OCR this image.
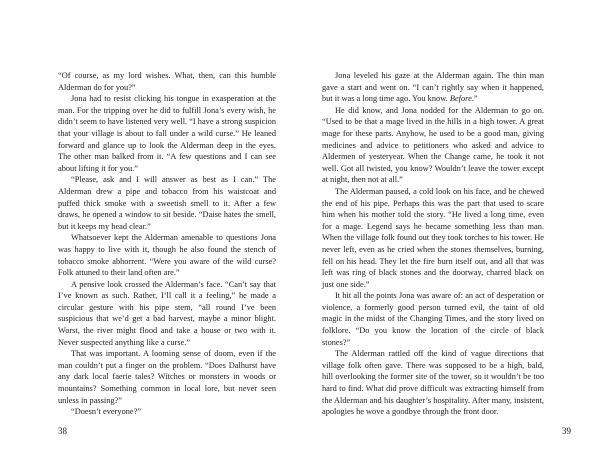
“Of course, as my lord wishes. What, then, can this humble Alderman do for you?”

Jona had to resist clicking his tongue in exasperation at the man. For the tripping over he did to fulfill Jona’s every wish, he didn’t seem to have listened very well. “I have a strong suspicion that your village is about to fall under a wild curse.” He leaned forward and glance up to look the Alderman deep in the eyes. The other man balked from it. “A few questions and I can see about lifting it for you.”

“Please, ask and I will answer as best as I can.” The Alderman drew a pipe and tobacco from his waistcoat and puffed thick smoke with a sweetish smell to it. After a few draws, he opened a window to sit beside. “Daise hates the smell, but it keeps my head clear.”

Whatsoever kept the Alderman amenable to questions Jona was happy to live with it, though he also found the stench of tobacco smoke abhorrent. “Were you aware of the wild curse? Folk attuned to their land often are.”

A pensive look crossed the Alderman’s face. “Can’t say that I’ve known as such. Rather, I’ll call it a feeling,” he made a circular gesture with his pipe stem, “all round I’ve been suspicious that we’d get a bad harvest, maybe a minor blight. Worst, the river might flood and take a house or two with it. Never suspected anything like a curse.”

That was important. A looming sense of doom, even if the man couldn’t put a finger on the problem. “Does Dalhurst have any dark local faerie tales? Witches or monsters in woods or mountains? Something common in local lore, but never seen unless in passing?”

“Doesn’t everyone?”

38

Jona leveled his gaze at the Alderman again. The thin man gave a start and went on. “I can’t rightly say when it happened, but it was a long time ago. You know. Before.”

He did know, and Jona nodded for the Alderman to go on. “Used to be that a mage lived in the hills in a high tower. A great mage for these parts. Anyhow, he used to be a good man, giving medicines and advice to petitioners who asked and advice to Aldermen of yesteryear. When the Change came, he took it not well. Got all twisted, you know? Wouldn’t leave the tower except at night, then not at all.”

The Alderman paused, a cold look on his face, and he chewed the end of his pipe. Perhaps this was the part that used to scare him when his mother told the story. “He lived a long time, even for a mage. Legend says he became something less than man. When the village folk found out they took torches to his tower. He never left, even as he cried when the stones themselves, burning, fell on his head. They let the fire burn itself out, and all that was left was ring of black stones and the doorway, charred black on just one side.”

It hit all the points Jona was aware of: an act of desperation or violence, a formerly good person turned evil, the taint of old magic in the midst of the Changing Times, and the story lived on folklore. “Do you know the location of the circle of black stones?”

The Alderman rattled off the kind of vague directions that village folk often gave. There was supposed to be a high, bald, hill overlooking the former site of the tower, so it wouldn’t be too hard to find. What did prove difficult was extracting himself from the Alderman and his daughter’s hospitality. After many, insistent, apologies he wove a goodbye through the front door.

39
